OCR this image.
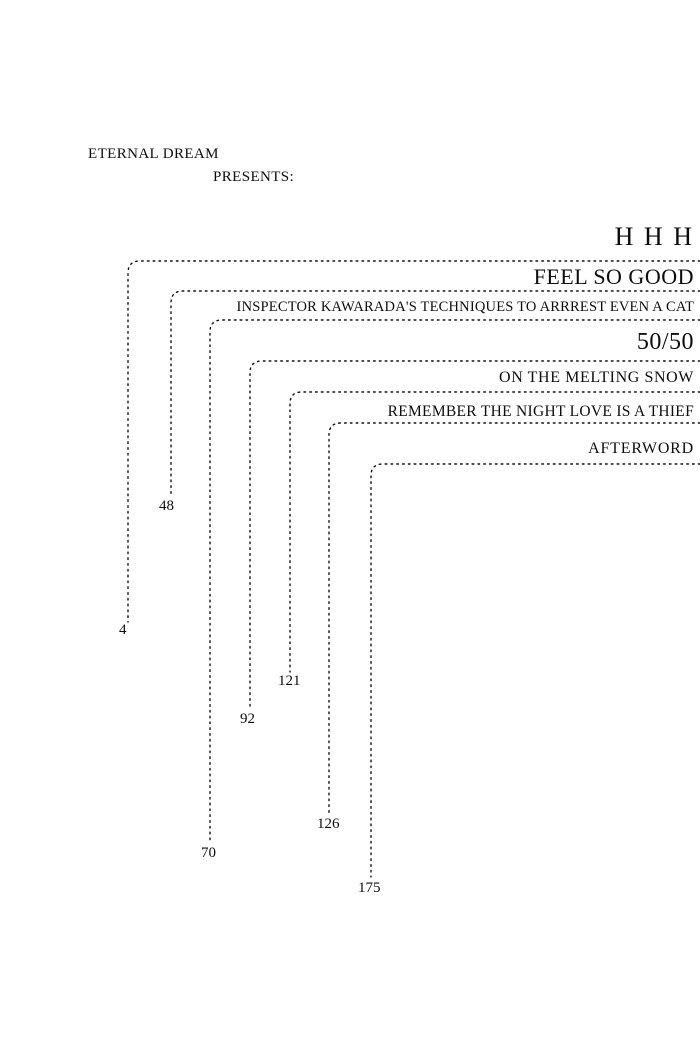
ETERNAL DREAM
PRESENTS:
H H H
FEEL SO GOOD
INSPECTOR KAWARADA'S TECHNIQUES TO ARRREST EVEN A CAT
50/50
ON THE MELTING SNOW
REMEMBER THE NIGHT LOVE IS A THIEF
AFTERWORD
4
48
70
92
121
126
175
